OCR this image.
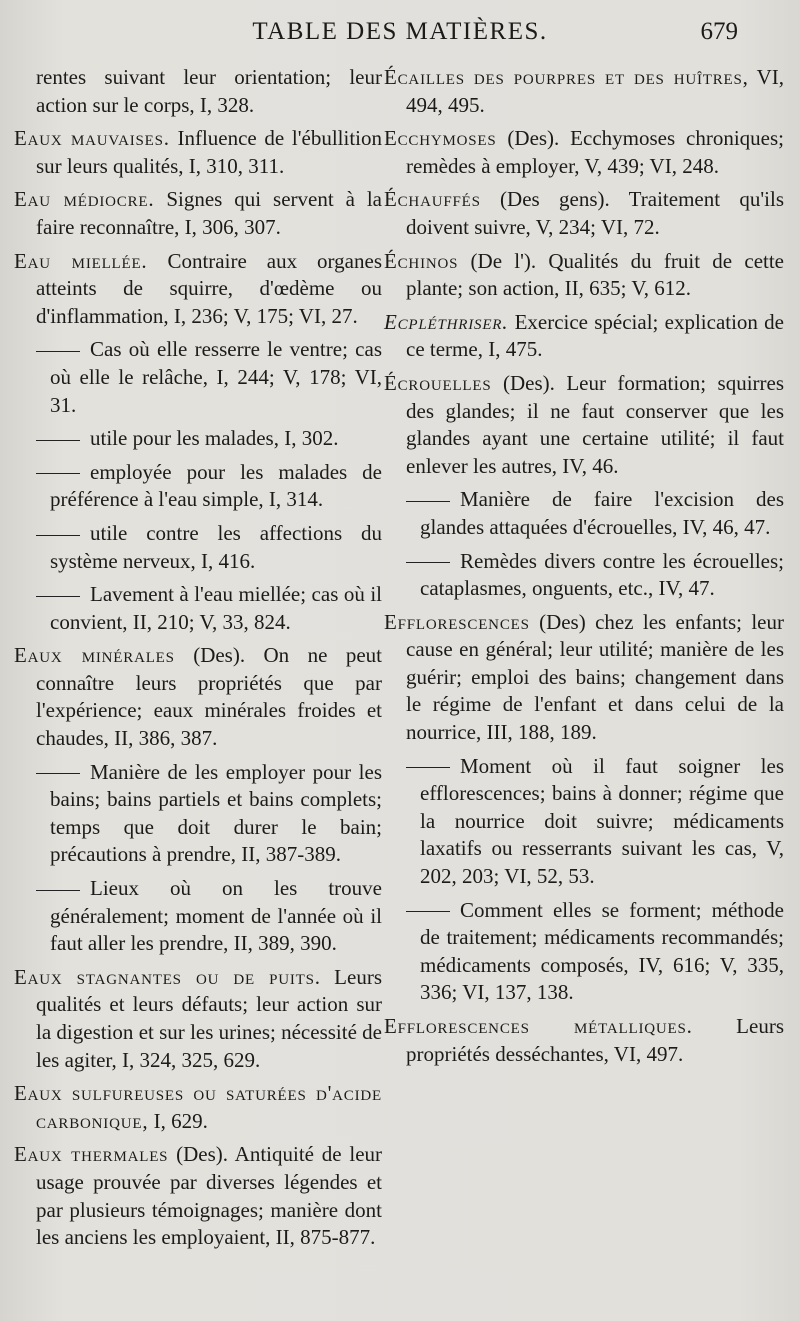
TABLE DES MATIÈRES.	679

rentes suivant leur orientation; leur action sur le corps, I, 328.

Eaux mauvaises. Influence de l'ébullition sur leurs qualités, I, 310, 311.

Eau médiocre. Signes qui servent à la faire reconnaître, I, 306, 307.

Eau miellée. Contraire aux organes atteints de squirre, d'œdème ou d'inflammation, I, 236; V, 175; VI, 27.

Cas où elle resserre le ventre; cas où elle le relâche, I, 244; V, 178; VI, 31.

utile pour les malades, I, 302.

employée pour les malades de préférence à l'eau simple, I, 314.

utile contre les affections du système nerveux, I, 416.

Lavement à l'eau miellée; cas où il convient, II, 210; V, 33, 824.

Eaux minérales (Des). On ne peut connaître leurs propriétés que par l'expérience; eaux minérales froides et chaudes, II, 386, 387.

Manière de les employer pour les bains; bains partiels et bains complets; temps que doit durer le bain; précautions à prendre, II, 387-389.

Lieux où on les trouve généralement; moment de l'année où il faut aller les prendre, II, 389, 390.

Eaux stagnantes ou de puits. Leurs qualités et leurs défauts; leur action sur la digestion et sur les urines; nécessité de les agiter, I, 324, 325, 629.

Eaux sulfureuses ou saturées d'acide carbonique, I, 629.

Eaux thermales (Des). Antiquité de leur usage prouvée par diverses légendes et par plusieurs témoignages; manière dont les anciens les employaient, II, 875-877.

Écailles des pourpres et des huîtres, VI, 494, 495.

Ecchymoses (Des). Ecchymoses chroniques; remèdes à employer, V, 439; VI, 248.

Échauffés (Des gens). Traitement qu'ils doivent suivre, V, 234; VI, 72.

Échinos (De l'). Qualités du fruit de cette plante; son action, II, 635; V, 612.

Ecpléthriser. Exercice spécial; explication de ce terme, I, 475.

Écrouelles (Des). Leur formation; squirres des glandes; il ne faut conserver que les glandes ayant une certaine utilité; il faut enlever les autres, IV, 46.

Manière de faire l'excision des glandes attaquées d'écrouelles, IV, 46, 47.

Remèdes divers contre les écrouelles; cataplasmes, onguents, etc., IV, 47.

Efflorescences (Des) chez les enfants; leur cause en général; leur utilité; manière de les guérir; emploi des bains; changement dans le régime de l'enfant et dans celui de la nourrice, III, 188, 189.

Moment où il faut soigner les efflorescences; bains à donner; régime que la nourrice doit suivre; médicaments laxatifs ou resserrants suivant les cas, V, 202, 203; VI, 52, 53.

Comment elles se forment; méthode de traitement; médicaments recommandés; médicaments composés, IV, 616; V, 335, 336; VI, 137, 138.

Efflorescences métalliques. Leurs propriétés desséchantes, VI, 497.
